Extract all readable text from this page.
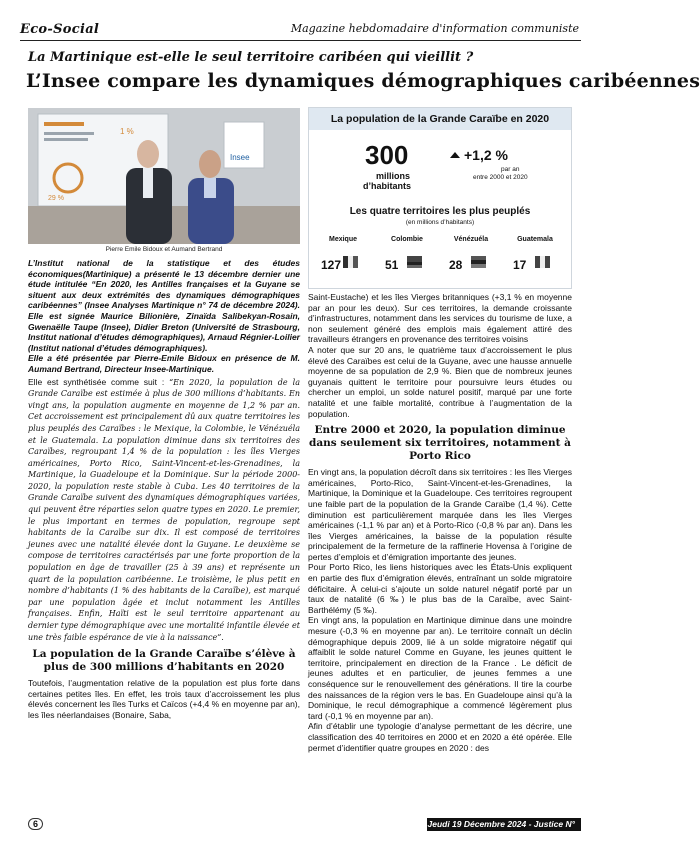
Eco-Social	Magazine hebdomadaire d'information communiste
La Martinique est-elle le seul territoire caribéen qui vieillit ?
L’Insee compare les dynamiques démographiques caribéennes
1 %
29 %
Insee
Pierre Emile Bidoux et Aumand Bertrand
La population de la Grande Caraïbe en 2020
300
millions
d’habitants
+1,2 %
par an
entre 2000 et 2020
Les quatre territoires les plus peuplés
(en millions d’habitants)
Mexique
127
Colombie
51
Vénézuéla
28
Guatemala
17

L’Institut national de la statistique et des études économiques(Martinique) a présenté le 13 décembre dernier une étude intitulée “En 2020, les Antilles françaises et la Guyane se situent aux deux extrémités des dynamiques démographiques caribéennes” (Insee Analyses Martinique n° 74 de décembre 2024). Elle est signée Maurice Bilionière, Zinaïda Salibekyan-Rosain, Gwenaëlle Taupe (Insee), Didier Breton (Université de Strasbourg, Institut national d’études démographiques), Arnaud Régnier-Loilier (Institut national d’études démographiques).

Elle a été présentée par Pierre-Emile Bidoux en présence de M. Aumand Bertrand, Directeur Insee-Martinique.

Elle est synthétisée comme suit : “En 2020, la population de la Grande Caraïbe est estimée à plus de 300 millions d’habitants. En vingt ans, la population augmente en moyenne de 1,2 % par an. Cet accroissement est principalement dû aux quatre territoires les plus peuplés des Caraïbes : le Mexique, la Colombie, le Vénézuéla et le Guatemala. La population diminue dans six territoires des Caraïbes, regroupant 1,4 % de la population : les îles Vierges américaines, Porto Rico, Saint-Vincent-et-les-Grenadines, la Martinique, la Guadeloupe et la Dominique. Sur la période 2000-2020, la population reste stable à Cuba. Les 40 territoires de la Grande Caraïbe suivent des dynamiques démographiques variées, qui peuvent être réparties selon quatre types en 2020. Le premier, le plus important en termes de population, regroupe sept habitants de la Caraïbe sur dix. Il est composé de territoires jeunes avec une natalité élevée dont la Guyane. Le deuxième se compose de territoires caractérisés par une forte proportion de la population en âge de travailler (25 à 39 ans) et représente un quart de la population caribéenne. Le troisième, le plus petit en nombre d’habitants (1 % des habitants de la Caraïbe), est marqué par une population âgée et inclut notamment les Antilles françaises. Enfin, Haïti est le seul territoire appartenant au dernier type démographique avec une mortalité infantile élevée et une très faible espérance de vie à la naissance”.

La population de la Grande Caraïbe s’élève à plus de 300 millions d’habitants en 2020

Toutefois, l’augmentation relative de la population est plus forte dans certaines petites îles. En effet, les trois taux d’accroissement les plus élevés concernent les îles Turks et Caïcos (+4,4 % en moyenne par an), les îles néerlandaises (Bonaire, Saba,

Saint-Eustache) et les îles Vierges britanniques (+3,1 % en moyenne par an pour les deux). Sur ces territoires, la demande croissante d’infrastructures, notamment dans les services du tourisme de luxe, a non seulement généré des emplois mais également attiré des travailleurs étrangers en provenance des territoires voisins

A noter que sur 20 ans, le quatrième taux d’accroissement le plus élevé des Caraïbes est celui de la Guyane, avec une hausse annuelle moyenne de sa population de 2,9 %. Bien que de nombreux jeunes guyanais quittent le territoire pour poursuivre leurs études ou chercher un emploi, un solde naturel positif, marqué par une forte natalité et une faible mortalité, contribue à l’augmentation de la population.

Entre 2000 et 2020, la population diminue dans seulement six territoires, notamment à Porto Rico

En vingt ans, la population décroît dans six territoires : les îles Vierges américaines, Porto-Rico, Saint-Vincent-et-les-Grenadines, la Martinique, la Dominique et la Guadeloupe. Ces territoires regroupent une faible part de la population de la Grande Caraïbe (1,4 %). Cette diminution est particulièrement marquée dans les îles Vierges américaines (-1,1 % par an) et à Porto-Rico (-0,8 % par an). Dans les îles Vierges américaines, la baisse de la population résulte principalement de la fermeture de la raffinerie Hovensa à l’origine de pertes d’emplois et d’émigration importante des jeunes.

Pour Porto Rico, les liens historiques avec les États-Unis expliquent en partie des flux d’émigration élevés, entraînant un solde migratoire déficitaire. À celui-ci s’ajoute un solde naturel négatif porté par un taux de natalité (6 ‰) le plus bas de la Caraïbe, avec Saint-Barthélémy (5 ‰).

En vingt ans, la population en Martinique diminue dans une moindre mesure (-0,3 % en moyenne par an). Le territoire connaît un déclin démographique depuis 2009, lié à un solde migratoire négatif qui affaiblit le solde naturel Comme en Guyane, les jeunes quittent le territoire, principalement en direction de la France . Le déficit de jeunes adultes et en particulier, de jeunes femmes a une conséquence sur le renouvellement des générations. Il tire la courbe des naissances de la région vers le bas. En Guadeloupe ainsi qu’à la Dominique, le recul démographique a commencé légèrement plus tard (-0,1 % en moyenne par an).

Afin d’établir une typologie d’analyse permettant de les décrire, une classification des 40 territoires en 2000 et en 2020 a été opérée. Elle permet d’identifier quatre groupes en 2020 : des

6	Jeudi 19 Décembre 2024 - Justice N° 51
